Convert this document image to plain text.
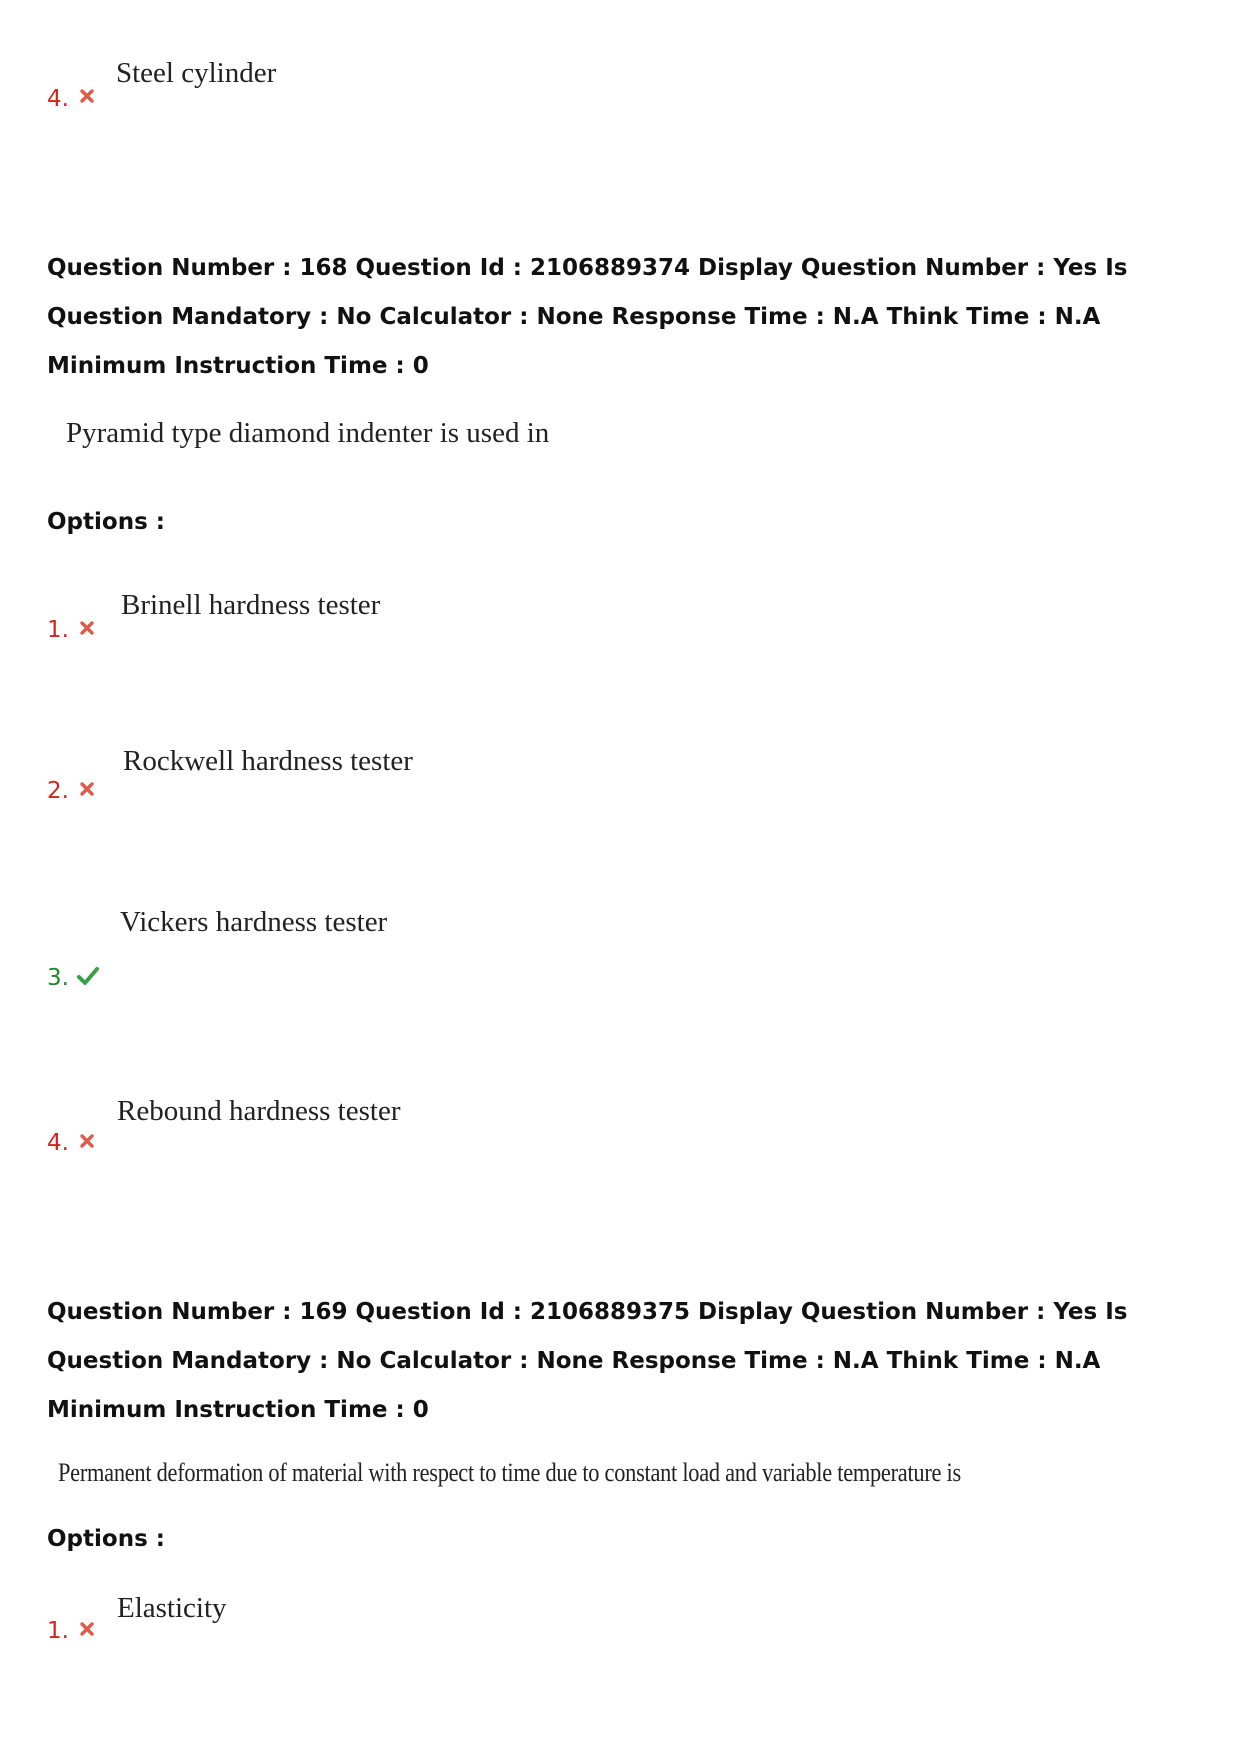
4.
Steel cylinder
Question Number : 168 Question Id : 2106889374 Display Question Number : Yes Is Question Mandatory : No Calculator : None Response Time : N.A Think Time : N.A Minimum Instruction Time : 0
Pyramid type diamond indenter is used in
Options :
1.
Brinell hardness tester
2.
Rockwell hardness tester
3.
Vickers hardness tester
4.
Rebound hardness tester
Question Number : 169 Question Id : 2106889375 Display Question Number : Yes Is Question Mandatory : No Calculator : None Response Time : N.A Think Time : N.A Minimum Instruction Time : 0
Permanent deformation of material with respect to time due to constant load and variable temperature is
Options :
1.
Elasticity
